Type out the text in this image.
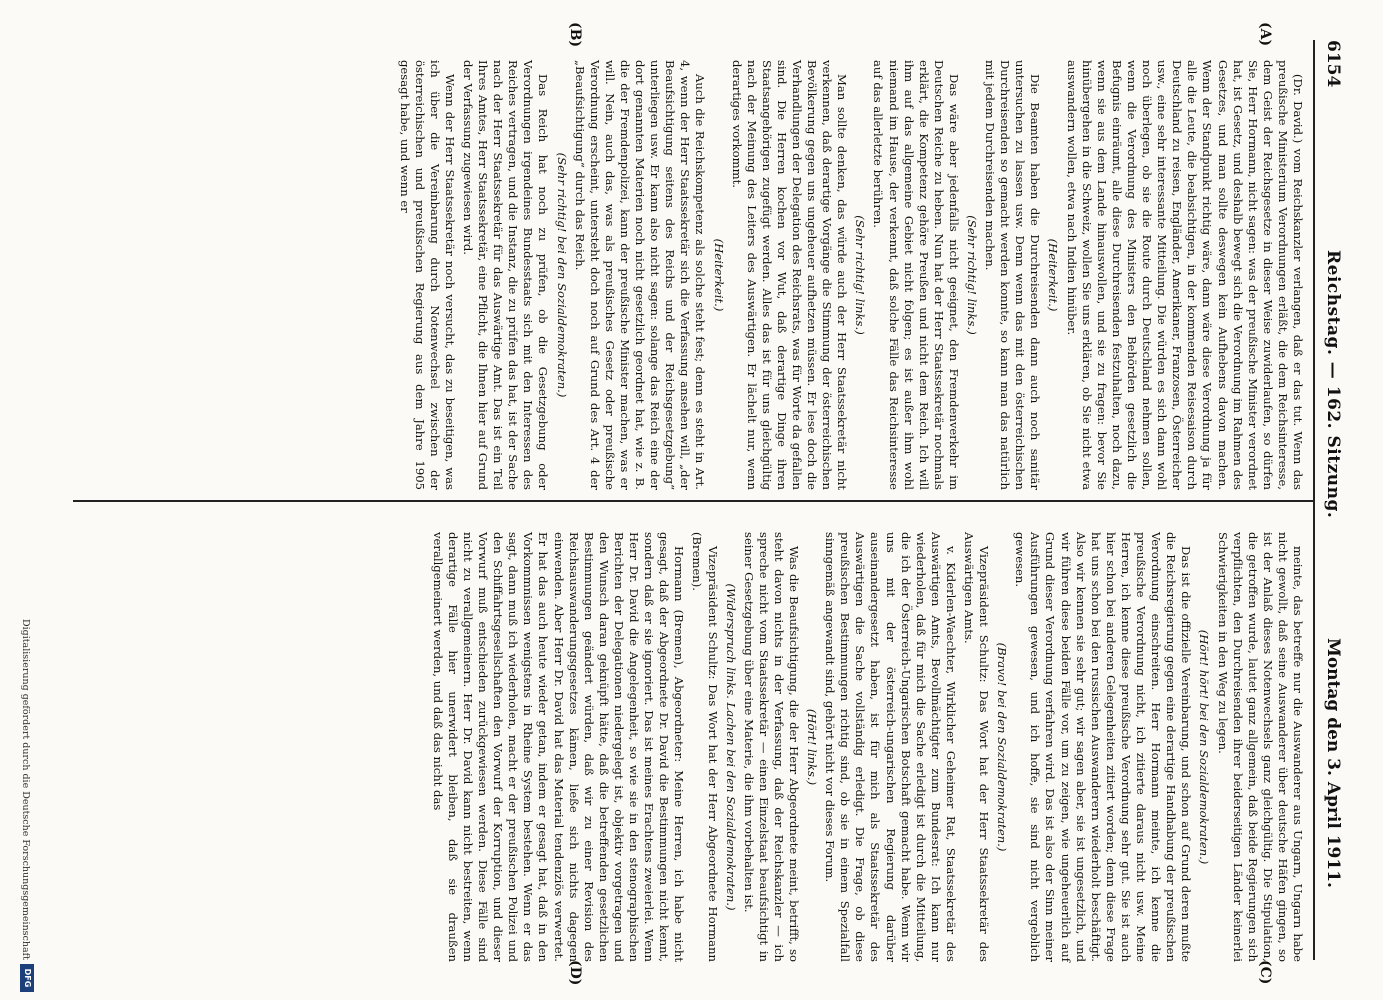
6154
Reichstag. — 162. Sitzung.
Montag den 3. April 1911.
(A)
(B)
(C)
(D)

(Dr. David.) vom Reichskanzler verlangen, daß er das tut. Wenn das preußische Ministerium Verordnungen erläßt, die dem Reichsinteresse, dem Geist der Reichsgesetze in dieser Weise zuwiderlaufen, so dürfen Sie, Herr Hormann, nicht sagen: was der preußische Minister verordnet hat, ist Gesetz, und deshalb bewegt sich die Verordnung im Rahmen des Gesetzes, und man sollte deswegen kein Aufhebens davon machen. Wenn der Standpunkt richtig wäre, dann wäre diese Verordnung ja für alle die Leute, die beabsichtigen, in der kommenden Reisesaison durch Deutschland zu reisen, Engländer, Amerikaner, Franzosen, Österreicher usw., eine sehr interessante Mitteilung. Die würden es sich dann wohl noch überlegen, ob sie die Route durch Deutschland nehmen sollen, wenn die Verordnung des Ministers den Behörden gesetzlich die Befugnis einräumt, alle diese Durchreisenden festzuhalten, noch dazu, wenn sie aus dem Lande hinauswollen, und sie zu fragen: bevor Sie hinübergehen in die Schweiz, wollen Sie uns erklären, ob Sie nicht etwa auswandern wollen, etwa nach Indien hinüber.

(Heiterkeit.)

Die Beamten haben die Durchreisenden dann auch noch sanitär untersuchen zu lassen usw. Denn wenn das mit den österreichischen Durchreisenden so gemacht werden konnte, so kann man das natürlich mit jedem Durchreisenden machen.

(Sehr richtig! links.)

Das wäre aber jedenfalls nicht geeignet, den Fremdenverkehr im Deutschen Reiche zu heben. Nun hat der Herr Staatssekretär nochmals erklärt, die Kompetenz gehöre Preußen und nicht dem Reich. Ich will ihm auf das allgemeine Gebiet nicht folgen; es ist außer ihm wohl niemand im Hause, der verkennt, daß solche Fälle das Reichsinteresse auf das allerletzte berühren.

(Sehr richtig! links.)

Man sollte denken, das würde auch der Herr Staatssekretär nicht verkennen, daß derartige Vorgänge die Stimmung der österreichischen Bevölkerung gegen uns ungeheuer aufhetzen müssen. Er lese doch die Verhandlungen der Delegation des Reichsrats, was für Worte da gefallen sind. Die Herren kochen vor Wut, daß derartige Dinge ihren Staatsangehörigen zugefügt werden. Alles das ist für uns gleichgültig nach der Meinung des Leiters des Auswärtigen. Er lächelt nur, wenn derartiges vorkommt.

(Heiterkeit.)

Auch die Reichskompetenz als solche steht fest; denn es steht in Art. 4, wenn der Herr Staatssekretär sich die Verfassung ansehen will, „der Beaufsichtigung seitens des Reichs und der Reichsgesetzgebung“ unterliegen usw. Er kann also nicht sagen: solange das Reich eine der dort genannten Materien noch nicht gesetzlich geordnet hat, wie z. B. die der Fremdenpolizei, kann der preußische Minister machen, was er will. Nein, auch das, was als preußisches Gesetz oder preußische Verordnung erscheint, untersteht doch noch auf Grund des Art. 4 der „Beaufsichtigung“ durch das Reich.

(Sehr richtig! bei den Sozialdemokraten.)

Das Reich hat noch zu prüfen, ob die Gesetzgebung oder Verordnungen irgendeines Bundesstaats sich mit den Interessen des Reiches vertragen, und die Instanz, die zu prüfen das hat, ist der Sache nach der Herr Staatssekretär für das Auswärtige Amt. Das ist ein Teil Ihres Amtes, Herr Staatssekretär, eine Pflicht, die Ihnen hier auf Grund der Verfassung zugewiesen wird.

Wenn der Herr Staatssekretär noch versucht, das zu beseitigen, was ich über die Vereinbarung durch Notenwechsel zwischen der österreichischen und preußischen Regierung aus dem Jahre 1905 gesagt habe, und wenn er

meinte, das betreffe nur die Auswanderer aus Ungarn, Ungarn habe nicht gewollt, daß seine Auswanderer über deutsche Häfen gingen, so ist der Anlaß dieses Notenwechsels ganz gleichgültig. Die Stipulation, die getroffen wurde, lautet ganz allgemein, daß beide Regierungen sich verpflichten, den Durchreisenden ihrer beiderseitigen Länder keinerlei Schwierigkeiten in den Weg zu legen.

(Hört! hört! bei den Sozialdemokraten.)

Das ist die offizielle Vereinbarung, und schon auf Grund deren mußte die Reichsregierung gegen eine derartige Handhabung der preußischen Verordnung einschreiten. Herr Hormann meinte, ich kenne die preußische Verordnung nicht, ich zitierte daraus nicht usw. Meine Herren, ich kenne diese preußische Verordnung sehr gut. Sie ist auch hier schon bei anderen Gelegenheiten zitiert worden; denn diese Frage hat uns schon bei den russischen Auswanderern wiederholt beschäftigt. Also wir kennen sie sehr gut; wir sagen aber, sie ist ungesetzlich, und wir führen diese beiden Fälle vor, um zu zeigen, wie ungeheuerlich auf Grund dieser Verordnung verfahren wird. Das ist also der Sinn meiner Ausführungen gewesen, und ich hoffe, sie sind nicht vergeblich gewesen.

(Bravo! bei den Sozialdemokraten.)

Vizepräsident Schultz: Das Wort hat der Herr Staatssekretär des Auswärtigen Amts.

v. Kiderlen-Waechter, Wirklicher Geheimer Rat, Staatssekretär des Auswärtigen Amts, Bevollmächtigter zum Bundesrat: Ich kann nur wiederholen, daß für mich die Sache erledigt ist durch die Mitteilung, die ich der Österreich-Ungarischen Botschaft gemacht habe. Wenn wir uns mit der österreich-ungarischen Regierung darüber auseinandergesetzt haben, ist für mich als Staatssekretär des Auswärtigen die Sache vollständig erledigt. Die Frage, ob diese preußischen Bestimmungen richtig sind, ob sie in einem Spezialfall sinngemäß angewandt sind, gehört nicht vor dieses Forum.

(Hört! links.)

Was die Beaufsichtigung, die der Herr Abgeordnete meint, betrifft, so steht davon nichts in der Verfassung, daß der Reichskanzler — ich spreche nicht vom Staatssekretär — einen Einzelstaat beaufsichtigt in seiner Gesetzgebung über eine Materie, die ihm vorbehalten ist.

(Widerspruch links. Lachen bei den Sozialdemokraten.)

Vizepräsident Schultz: Das Wort hat der Herr Abgeordnete Hormann (Bremen).

Hormann (Bremen), Abgeordneter: Meine Herren, ich habe nicht gesagt, daß der Abgeordnete Dr. David die Bestimmungen nicht kennt, sondern daß er sie ignoriert. Das ist meines Erachtens zweierlei. Wenn Herr Dr. David die Angelegenheit, so wie sie in den stenographischen Berichten der Delegationen niedergelegt ist, objektiv vorgetragen und den Wunsch daran geknüpft hätte, daß die betreffenden gesetzlichen Bestimmungen geändert würden, daß wir zu einer Revision des Reichsauswanderungsgesetzes kämen, ließe sich nichts dagegen einwenden. Aber Herr Dr. David hat das Material tendenziös verwertet. Er hat das auch heute wieder getan, indem er gesagt hat, daß in den Vorkommnissen wenigstens in Rheine System bestehen. Wenn er das sagt, dann muß ich wiederholen, macht er der preußischen Polizei und den Schiffahrtsgesellschaften den Vorwurf der Korruption, und dieser Vorwurf muß entschieden zurückgewiesen werden. Diese Fälle sind nicht zu verallgemeinern. Herr Dr. David kann nicht bestreiten, wenn derartige Fälle hier unerwidert bleiben, daß sie draußen verallgemeinert werden, und daß das nicht das

Digitalisierung gefördert durch die Deutsche Forschungsgemeinschaft
DFG
